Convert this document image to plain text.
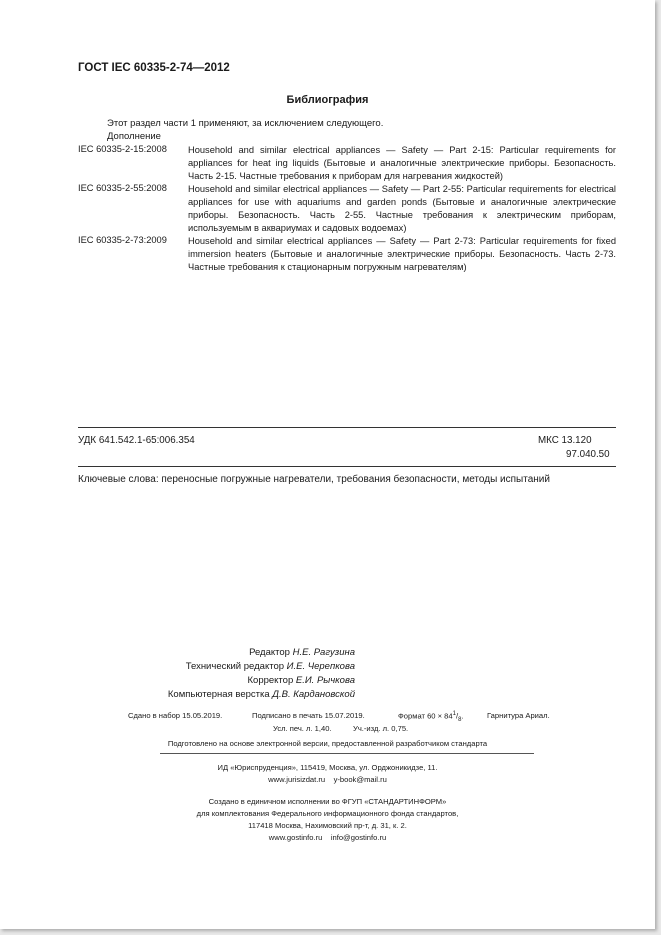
ГОСТ IEC 60335-2-74—2012
Библиография
Этот раздел части 1 применяют, за исключением следующего.
Дополнение
IEC 60335-2-15:2008 Household and similar electrical appliances — Safety — Part 2-15: Particular requirements for appliances for heat ing liquids (Бытовые и аналогичные электрические приборы. Безопасность. Часть 2-15. Частные требования к приборам для нагревания жидкостей)
IEC 60335-2-55:2008 Household and similar electrical appliances — Safety — Part 2-55: Particular requirements for electrical appliances for use with aquariums and garden ponds (Бытовые и аналогичные электрические приборы. Безопасность. Часть 2-55. Частные требования к электрическим приборам, используемым в аквариумах и садовых водоемах)
IEC 60335-2-73:2009 Household and similar electrical appliances — Safety — Part 2-73: Particular requirements for fixed immersion heaters (Бытовые и аналогичные электрические приборы. Безопасность. Часть 2-73. Частные требования к стационарным погружным нагревателям)
УДК 641.542.1-65:006.354	МКС 13.120
97.040.50
Ключевые слова: переносные погружные нагреватели, требования безопасности, методы испытаний
Редактор Н.Е. Рагузина
Технический редактор И.Е. Черепкова
Корректор Е.И. Рычкова
Компьютерная верстка Д.В. Кардановской
Сдано в набор 15.05.2019.	Подписано в печать 15.07.2019.	Формат $60 \times 84^1/_8$.	Гарнитура Ариал.
Усл. печ. л. 1,40.	Уч.-изд. л. 0,75.
Подготовлено на основе электронной версии, предоставленной разработчиком стандарта
ИД «Юриспруденция», 115419, Москва, ул. Орджоникидзе, 11.
www.jurisizdat.ru y-book@mail.ru
Создано в единичном исполнении во ФГУП «СТАНДАРТИНФОРМ»
для комплектования Федерального информационного фонда стандартов,
117418 Москва, Нахимовский пр-т, д. 31, к. 2.
www.gostinfo.ru info@gostinfo.ru
